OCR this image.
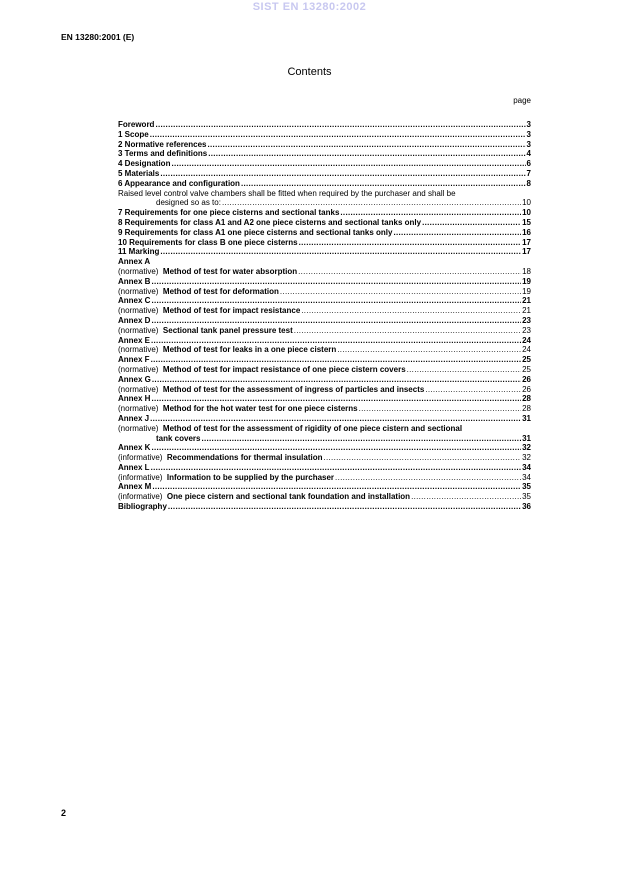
SIST EN 13280:2002
EN 13280:2001 (E)
Contents
page
Foreword .....	3
1 Scope .....	3
2 Normative references .....	3
3 Terms and definitions .....	4
4 Designation .....	6
5 Materials .....	7
6 Appearance and configuration .....	8
Raised level control valve chambers shall be fitted when required by the purchaser and shall be
designed so as to: .....	10
7 Requirements for one piece cisterns and sectional tanks .....	10
8 Requirements for class A1 and A2 one piece cisterns and sectional tanks only .....	15
9 Requirements for class A1 one piece cisterns and sectional tanks only .....	16
10 Requirements for class B one piece cisterns .....	17
11 Marking .....	17
Annex A
(normative)
Method of test for water absorption .....	18
Annex B .....	19
(normative)
Method of test for deformation .....	19
Annex C .....	21
(normative)
Method of test for impact resistance .....	21
Annex D .....	23
(normative)
Sectional tank panel pressure test .....	23
Annex E .....	24
(normative)
Method of test for leaks in a one piece cistern .....	24
Annex F .....	25
(normative)
Method of test for impact resistance of one piece cistern covers .....	25
Annex G .....	26
(normative)
Method of test for the assessment of ingress of particles and insects .....	26
Annex H .....	28
(normative)
Method for the hot water test for one piece cisterns .....	28
Annex J .....	31
(normative) Method of test for the assessment of rigidity of one piece cistern and sectional
tank covers .....	31
Annex K .....	32
(informative)
Recommendations for thermal insulation .....	32
Annex L .....	34
(informative)
Information to be supplied by the purchaser .....	34
Annex M .....	35
(informative)
One piece cistern and sectional tank foundation and installation .....	35
Bibliography .....	36
2
